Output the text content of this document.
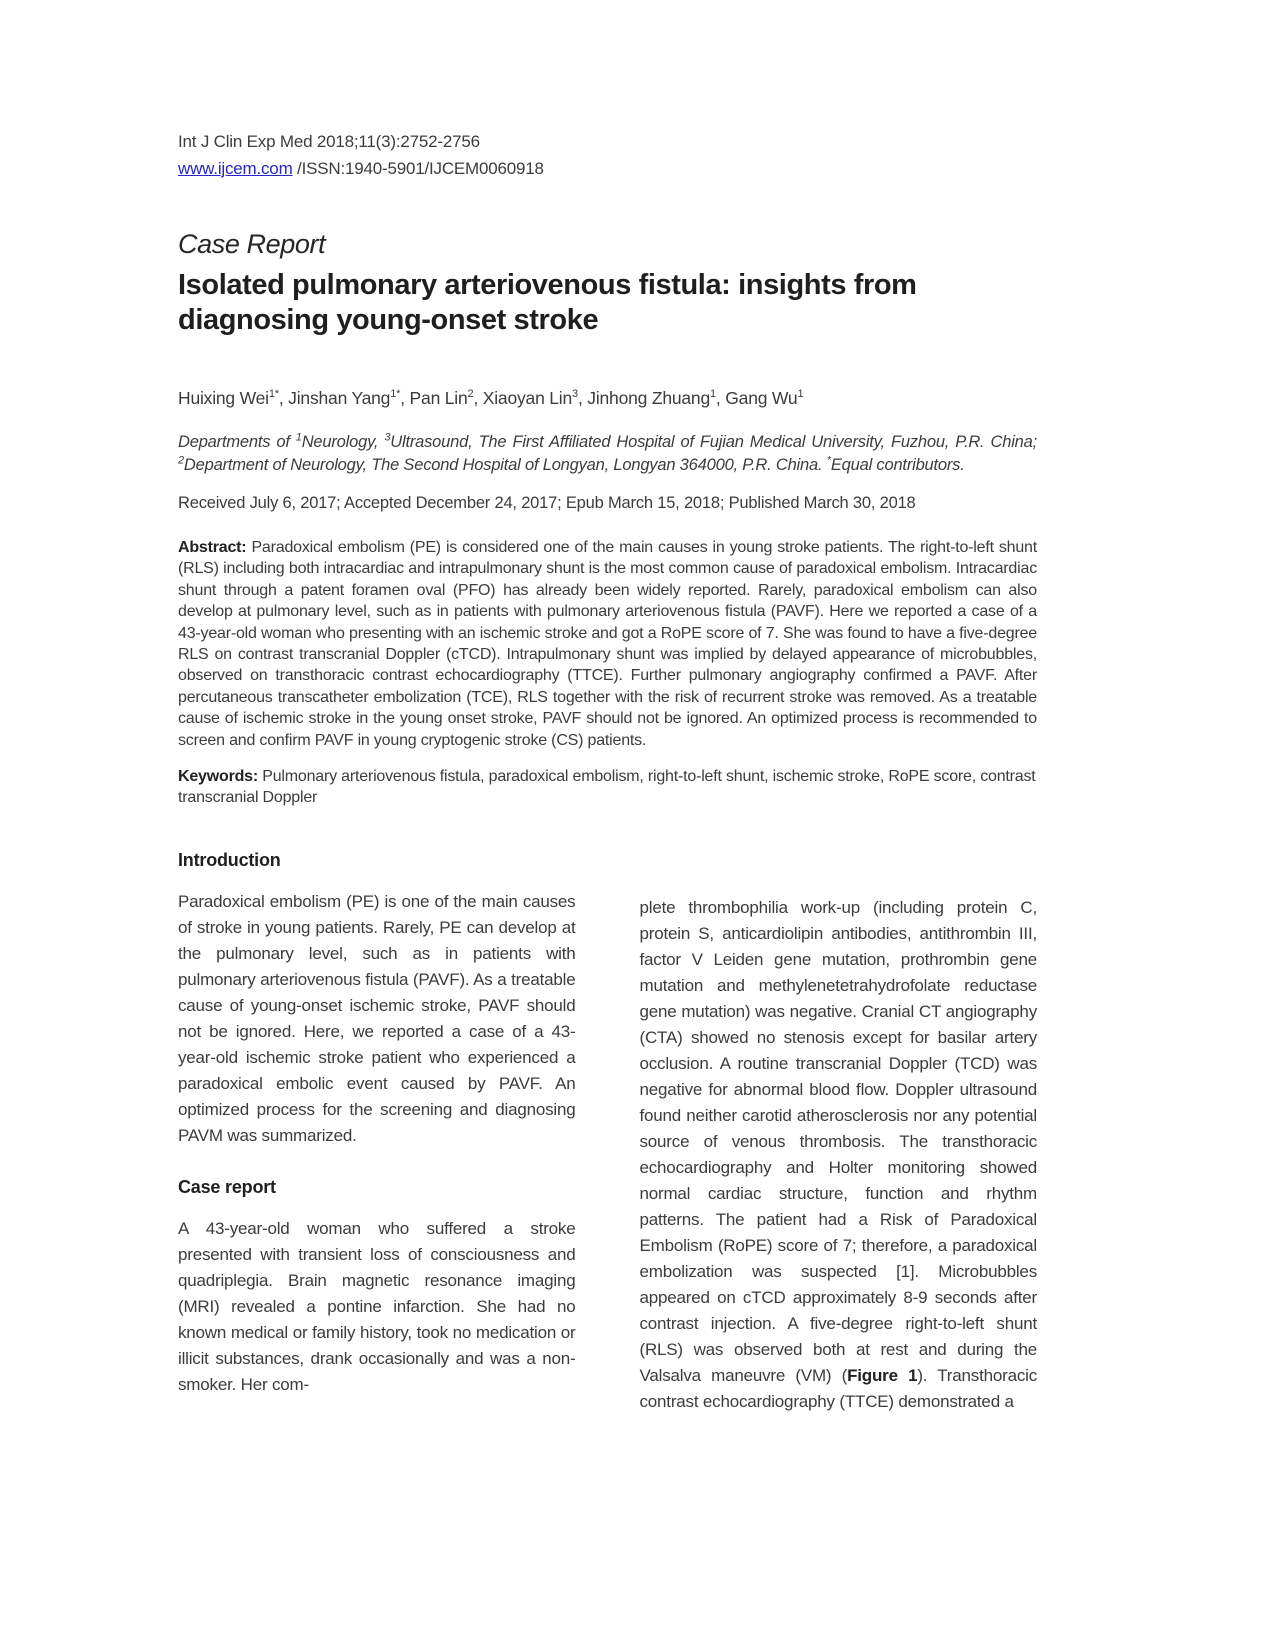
Int J Clin Exp Med 2018;11(3):2752-2756
www.ijcem.com /ISSN:1940-5901/IJCEM0060918
Case Report
Isolated pulmonary arteriovenous fistula: insights from diagnosing young-onset stroke
Huixing Wei$^{1*}$, Jinshan Yang$^{1*}$, Pan Lin$^2$, Xiaoyan Lin$^3$, Jinhong Zhuang$^1$, Gang Wu$^1$
Departments of $^1$Neurology, $^3$Ultrasound, The First Affiliated Hospital of Fujian Medical University, Fuzhou, P.R. China; $^2$Department of Neurology, The Second Hospital of Longyan, Longyan 364000, P.R. China. *Equal contributors.
Received July 6, 2017; Accepted December 24, 2017; Epub March 15, 2018; Published March 30, 2018

Abstract: Paradoxical embolism (PE) is considered one of the main causes in young stroke patients. The right-to-left shunt (RLS) including both intracardiac and intrapulmonary shunt is the most common cause of paradoxical embolism. Intracardiac shunt through a patent foramen oval (PFO) has already been widely reported. Rarely, paradoxical embolism can also develop at pulmonary level, such as in patients with pulmonary arteriovenous fistula (PAVF). Here we reported a case of a 43-year-old woman who presenting with an ischemic stroke and got a RoPE score of 7. She was found to have a five-degree RLS on contrast transcranial Doppler (cTCD). Intrapulmonary shunt was implied by delayed appearance of microbubbles, observed on transthoracic contrast echocardiography (TTCE). Further pulmonary angiography confirmed a PAVF. After percutaneous transcatheter embolization (TCE), RLS together with the risk of recurrent stroke was removed. As a treatable cause of ischemic stroke in the young onset stroke, PAVF should not be ignored. An optimized process is recommended to screen and confirm PAVF in young cryptogenic stroke (CS) patients.

Keywords: Pulmonary arteriovenous fistula, paradoxical embolism, right-to-left shunt, ischemic stroke, RoPE score, contrast transcranial Doppler

Introduction

Paradoxical embolism (PE) is one of the main causes of stroke in young patients. Rarely, PE can develop at the pulmonary level, such as in patients with pulmonary arteriovenous fistula (PAVF). As a treatable cause of young-onset ischemic stroke, PAVF should not be ignored. Here, we reported a case of a 43-year-old ischemic stroke patient who experienced a paradoxical embolic event caused by PAVF. An optimized process for the screening and diagnosing PAVM was summarized.

Case report

A 43-year-old woman who suffered a stroke presented with transient loss of consciousness and quadriplegia. Brain magnetic resonance imaging (MRI) revealed a pontine infarction. She had no known medical or family history, took no medication or illicit substances, drank occasionally and was a non-smoker. Her com-

plete thrombophilia work-up (including protein C, protein S, anticardiolipin antibodies, antithrombin III, factor V Leiden gene mutation, prothrombin gene mutation and methylenetetrahydrofolate reductase gene mutation) was negative. Cranial CT angiography (CTA) showed no stenosis except for basilar artery occlusion. A routine transcranial Doppler (TCD) was negative for abnormal blood flow. Doppler ultrasound found neither carotid atherosclerosis nor any potential source of venous thrombosis. The transthoracic echocardiography and Holter monitoring showed normal cardiac structure, function and rhythm patterns. The patient had a Risk of Paradoxical Embolism (RoPE) score of 7; therefore, a paradoxical embolization was suspected [1]. Microbubbles appeared on cTCD approximately 8-9 seconds after contrast injection. A five-degree right-to-left shunt (RLS) was observed both at rest and during the Valsalva maneuvre (VM) (Figure 1). Transthoracic contrast echocardiography (TTCE) demonstrated a
